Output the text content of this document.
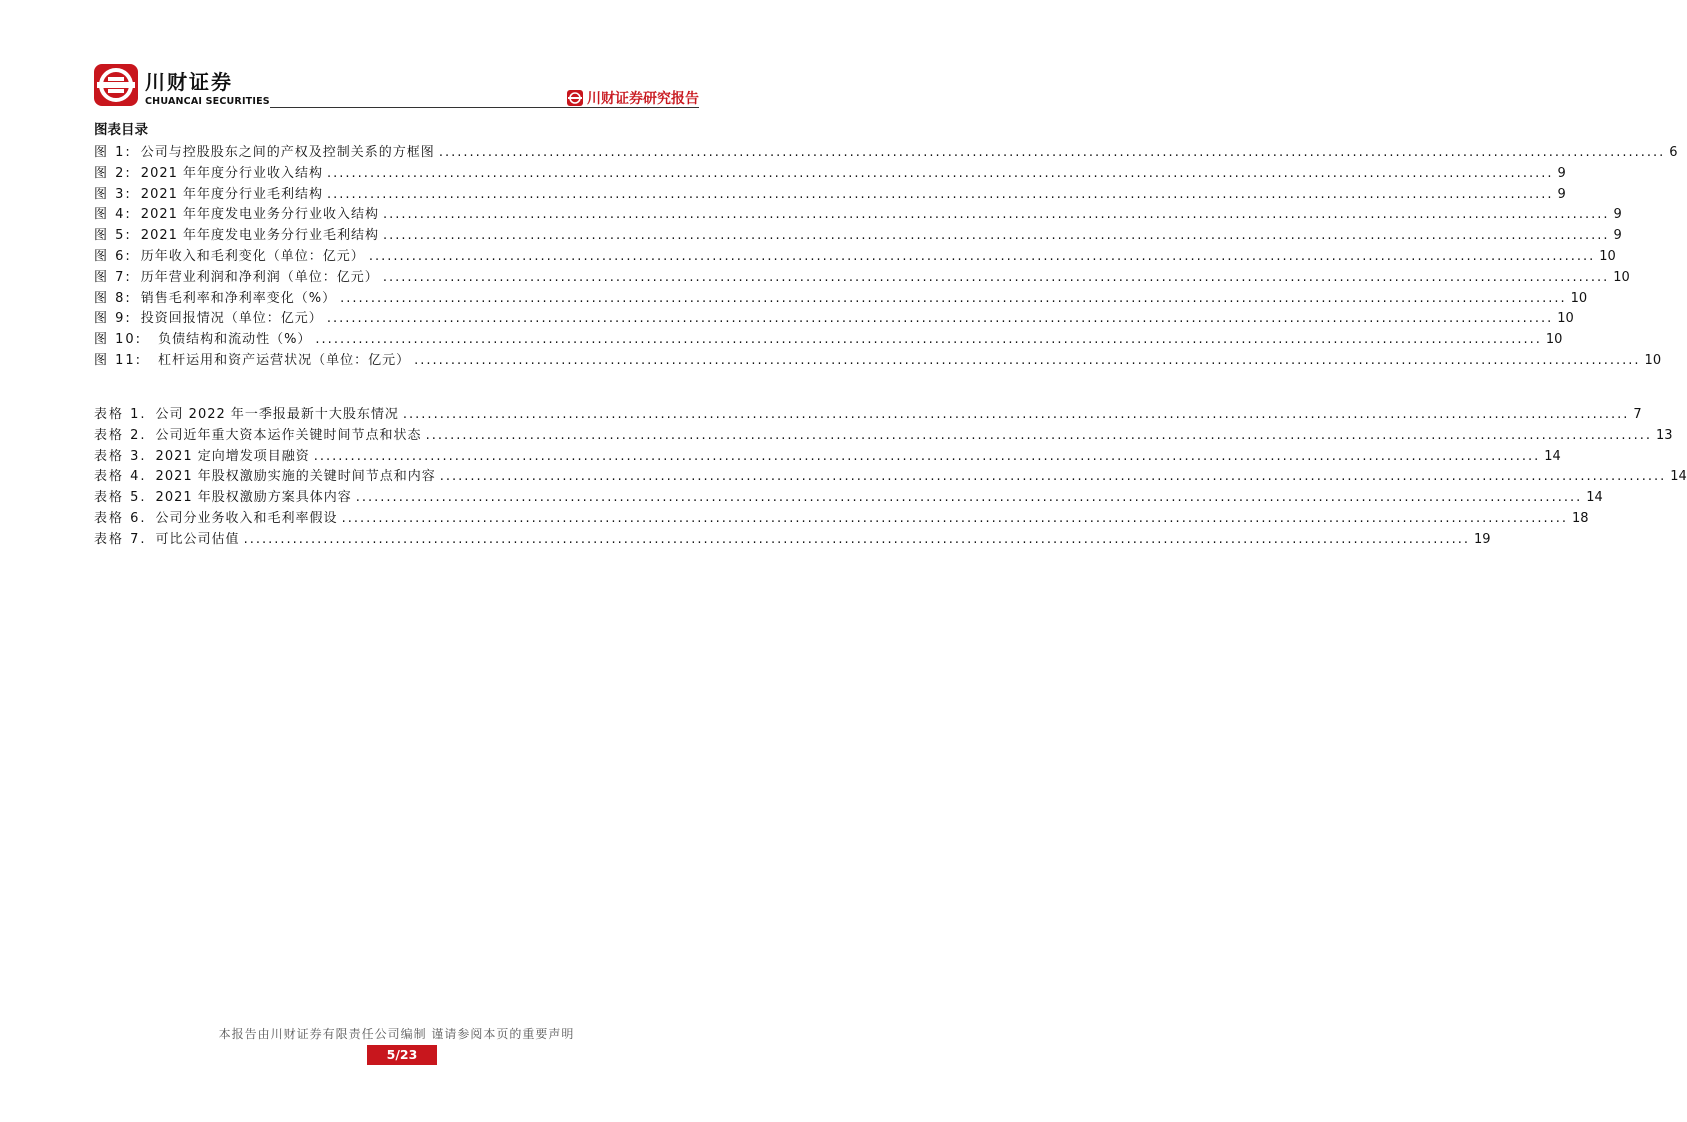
川财证券
CHUANCAI SECURITIES	川财证券研究报告
图表目录
图 1: 公司与控股股东之间的产权及控制关系的方框图 ........................................................................................................................................................................................................ 6
图 2: 2021 年年度分行业收入结构 ........................................................................................................................................................................................................ 9
图 3: 2021 年年度分行业毛利结构 ........................................................................................................................................................................................................ 9
图 4: 2021 年年度发电业务分行业收入结构 ........................................................................................................................................................................................................ 9
图 5: 2021 年年度发电业务分行业毛利结构 ........................................................................................................................................................................................................ 9
图 6: 历年收入和毛利变化（单位：亿元） ........................................................................................................................................................................................................ 10
图 7: 历年营业利润和净利润（单位：亿元） ........................................................................................................................................................................................................ 10
图 8: 销售毛利率和净利率变化（%） ........................................................................................................................................................................................................ 10
图 9: 投资回报情况（单位：亿元） ........................................................................................................................................................................................................ 10
图 10: 负债结构和流动性（%） ........................................................................................................................................................................................................ 10
图 11: 杠杆运用和资产运营状况（单位：亿元） ........................................................................................................................................................................................................ 10
表格 1. 公司 2022 年一季报最新十大股东情况 ........................................................................................................................................................................................................ 7
表格 2. 公司近年重大资本运作关键时间节点和状态 ........................................................................................................................................................................................................ 13
表格 3. 2021 定向增发项目融资 ........................................................................................................................................................................................................ 14
表格 4. 2021 年股权激励实施的关键时间节点和内容 ........................................................................................................................................................................................................ 14
表格 5. 2021 年股权激励方案具体内容 ........................................................................................................................................................................................................ 14
表格 6. 公司分业务收入和毛利率假设 ........................................................................................................................................................................................................ 18
表格 7. 可比公司估值 ........................................................................................................................................................................................................ 19
本报告由川财证券有限责任公司编制 谨请参阅本页的重要声明
5/23
